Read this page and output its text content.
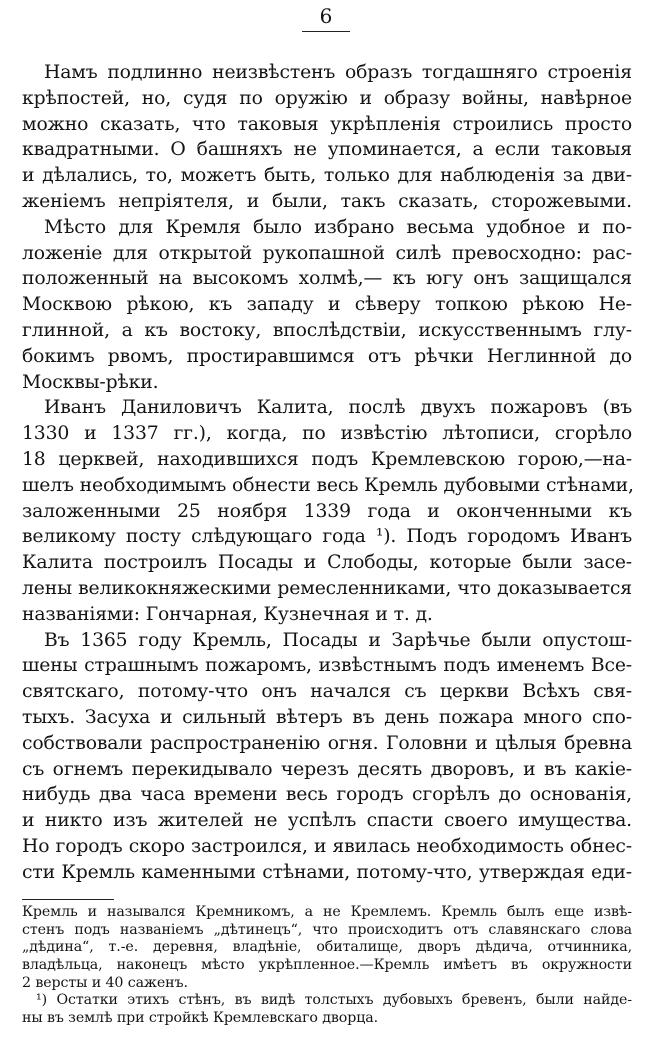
6
Намъ подлинно неизвѣстенъ образъ тогдашняго строенія
крѣпостей, но, судя по оружію и образу войны, навѣрное
можно сказать, что таковыя укрѣпленія строились просто
квадратными. О башняхъ не упоминается, а если таковыя
и дѣлались, то, можетъ быть, только для наблюденія за дви-
женіемъ непріятеля, и были, такъ сказать, сторожевыми.
Мѣсто для Кремля было избрано весьма удобное и по-
ложеніе для открытой рукопашной силѣ превосходно: рас-
положенный на высокомъ холмѣ,— къ югу онъ защищался
Москвою рѣкою, къ западу и сѣверу топкою рѣкою Не-
глинной, а къ востоку, впослѣдствіи, искусственнымъ глу-
бокимъ рвомъ, простиравшимся отъ рѣчки Неглинной до
Москвы-рѣки.
Иванъ Даниловичъ Калита, послѣ двухъ пожаровъ (въ
1330 и 1337 гг.), когда, по извѣстію лѣтописи, сгорѣло
18 церквей, находившихся подъ Кремлевскою горою,—на-
шелъ необходимымъ обнести весь Кремль дубовыми стѣнами,
заложенными 25 ноября 1339 года и оконченными къ
великому посту слѣдующаго года ¹). Подъ городомъ Иванъ
Калита построилъ Посады и Слободы, которые были засе-
лены великокняжескими ремесленниками, что доказывается
названіями: Гончарная, Кузнечная и т. д.
Въ 1365 году Кремль, Посады и Зарѣчье были опустош-
шены страшнымъ пожаромъ, извѣстнымъ подъ именемъ Все-
святскаго, потому-что онъ начался съ церкви Всѣхъ свя-
тыхъ. Засуха и сильный вѣтеръ въ день пожара много спо-
собствовали распространенію огня. Головни и цѣлыя бревна
съ огнемъ перекидывало черезъ десять дворовъ, и въ какіе-
нибудь два часа времени весь городъ сгорѣлъ до основанія,
и никто изъ жителей не успѣлъ спасти своего имущества.
Но городъ скоро застроился, и явилась необходимость обнес-
сти Кремль каменными стѣнами, потому-что, утверждая еди-
Кремль и назывался Кремникомъ, а не Кремлемъ. Кремль былъ еще извѣ-
стенъ подъ названіемъ „дѣтинецъ“, что происходитъ отъ славянскаго слова
„дѣдина“, т.-е. деревня, владѣніе, обиталище, дворъ дѣдича, отчинника,
владѣльца, наконецъ мѣсто укрѣпленное.—Кремль имѣетъ въ окружности
2 версты и 40 саженъ.
¹) Остатки этихъ стѣнъ, въ видѣ толстыхъ дубовыхъ бревенъ, были найде-
ны въ землѣ при стройкѣ Кремлевскаго дворца.
